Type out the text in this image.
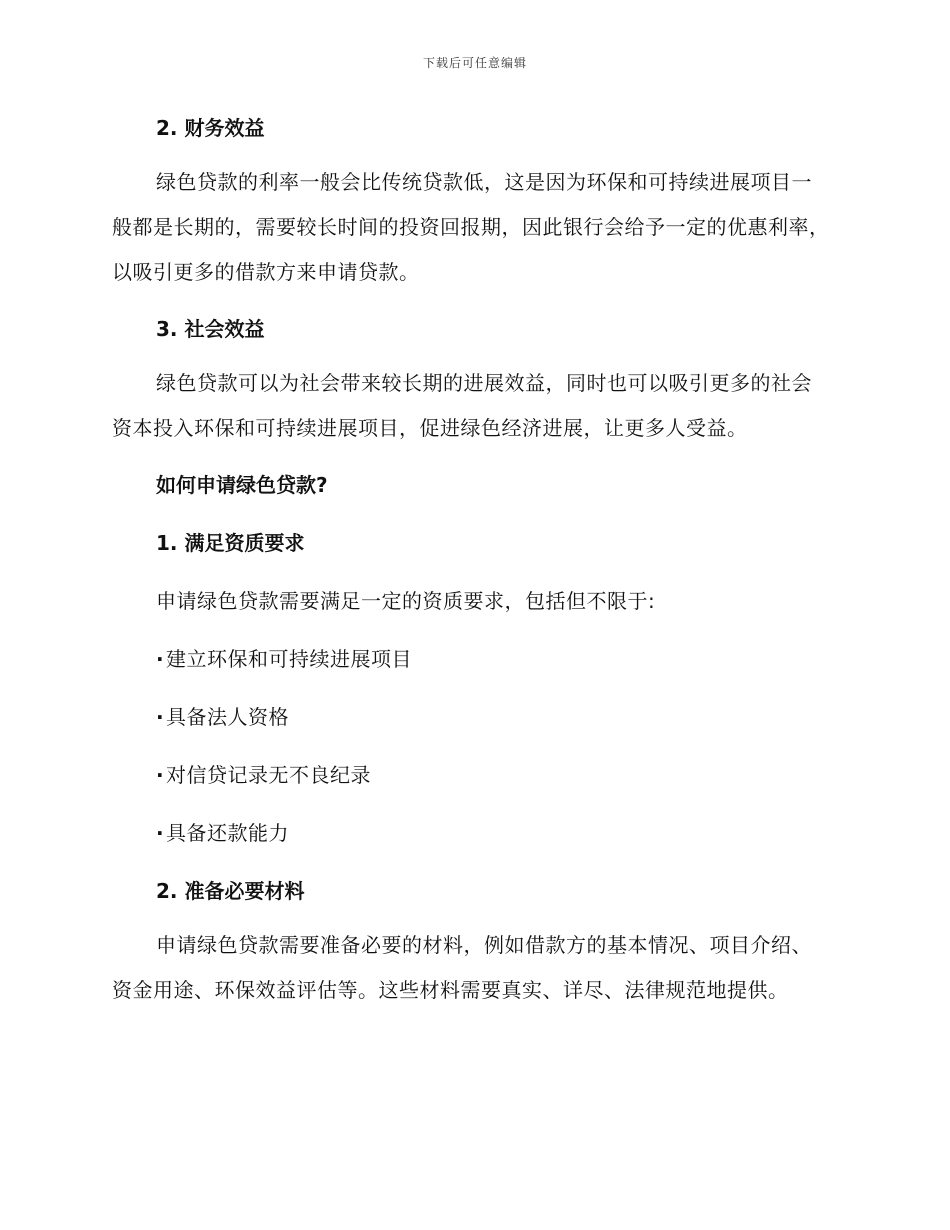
下载后可任意编辑
2. 财务效益

绿色贷款的利率一般会比传统贷款低，这是因为环保和可持续进展项目一般都是长期的，需要较长时间的投资回报期，因此银行会给予一定的优惠利率，以吸引更多的借款方来申请贷款。

3. 社会效益

绿色贷款可以为社会带来较长期的进展效益，同时也可以吸引更多的社会资本投入环保和可持续进展项目，促进绿色经济进展，让更多人受益。

如何申请绿色贷款?
1. 满足资质要求

申请绿色贷款需要满足一定的资质要求，包括但不限于:

·建立环保和可持续进展项目
·具备法人资格
·对信贷记录无不良纪录
·具备还款能力
2. 准备必要材料

申请绿色贷款需要准备必要的材料，例如借款方的基本情况、项目介绍、资金用途、环保效益评估等。这些材料需要真实、详尽、法律规范地提供。
